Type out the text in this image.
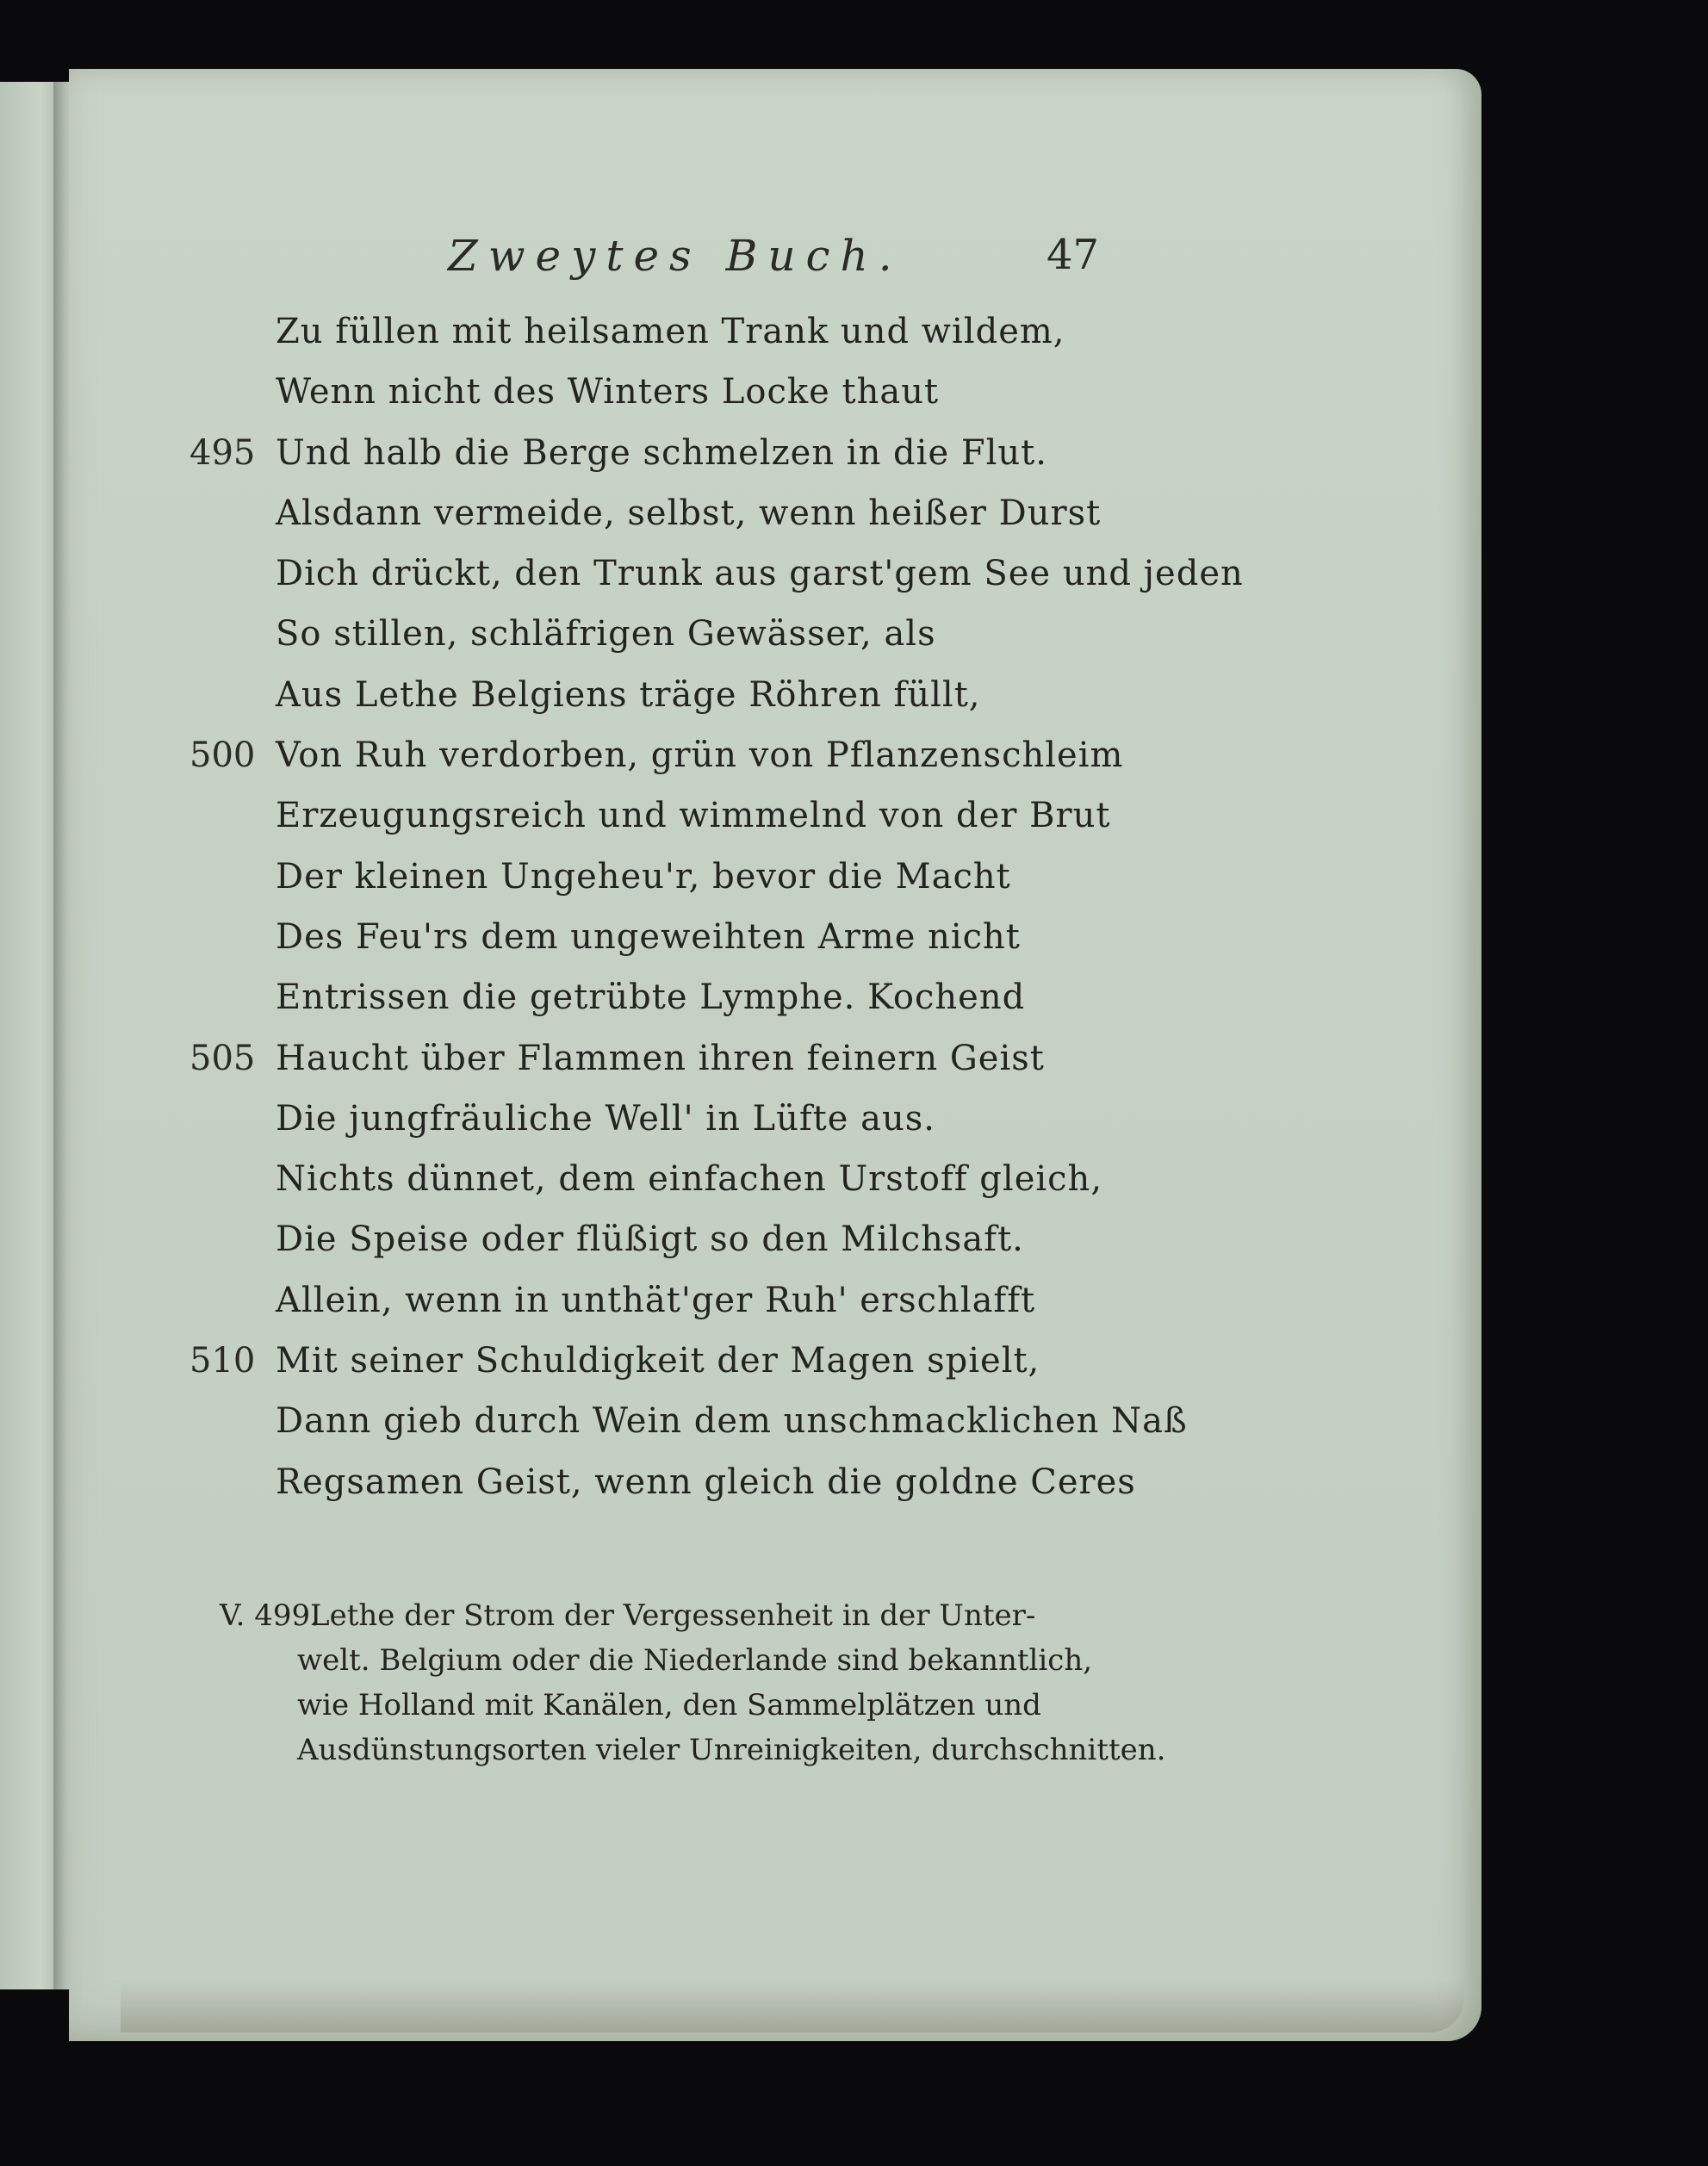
Zweytes Buch.	47
Zu füllen mit heilsamen Trank und wildem,
Wenn nicht des Winters Locke thaut
495 Und halb die Berge schmelzen in die Flut.
Alsdann vermeide, selbst, wenn heißer Durst
Dich drückt, den Trunk aus garst'gem See und jeden
So stillen, schläfrigen Gewässer, als
Aus Lethe Belgiens träge Röhren füllt,
500 Von Ruh verdorben, grün von Pflanzenschleim
Erzeugungsreich und wimmelnd von der Brut
Der kleinen Ungeheu'r, bevor die Macht
Des Feu'rs dem ungeweihten Arme nicht
Entrissen die getrübte Lymphe. Kochend
505 Haucht über Flammen ihren feinern Geist
Die jungfräuliche Well' in Lüfte aus.
Nichts dünnet, dem einfachen Urstoff gleich,
Die Speise oder flüßigt so den Milchsaft.
Allein, wenn in unthät'ger Ruh' erschlafft
510 Mit seiner Schuldigkeit der Magen spielt,
Dann gieb durch Wein dem unschmacklichen Naß
Regsamen Geist, wenn gleich die goldne Ceres
V. 499.
Lethe der Strom der Vergessenheit in der Unter-
welt. Belgium oder die Niederlande sind bekanntlich,
wie Holland mit Kanälen, den Sammelplätzen und
Ausdünstungsorten vieler Unreinigkeiten, durchschnitten.
